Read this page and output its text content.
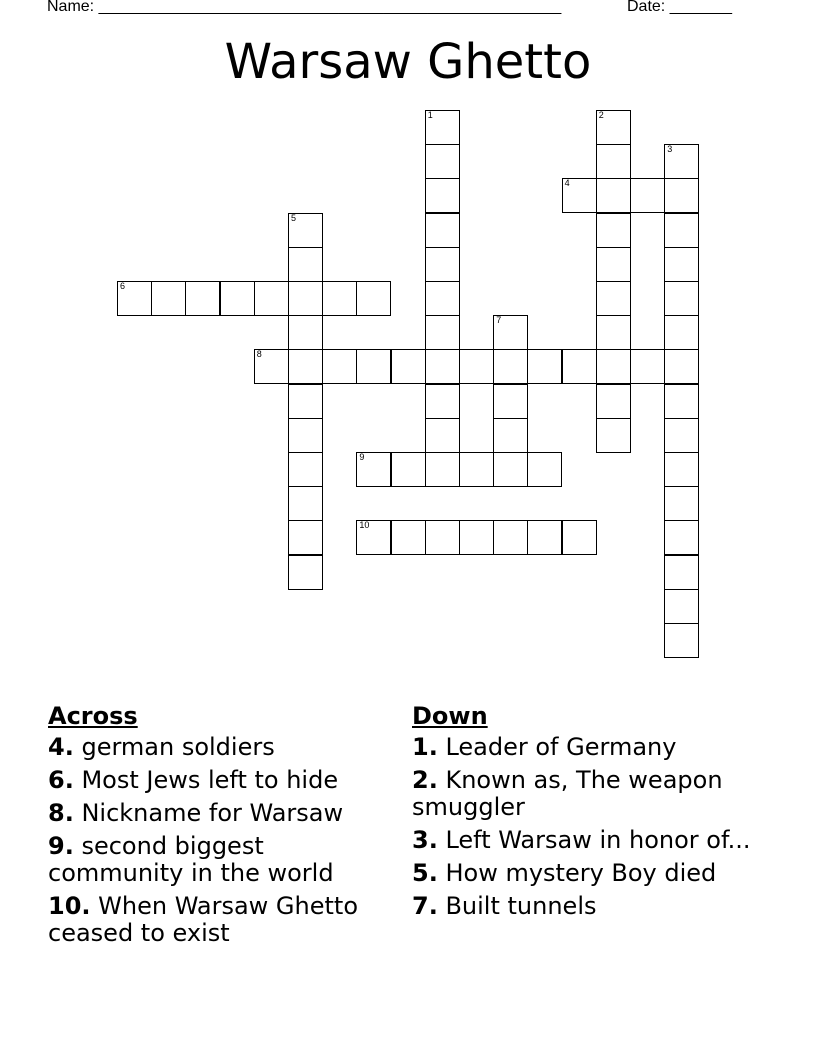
Name: ____________________________________________________	Date: _______
Warsaw Ghetto
1	2
3
4
5
6
7
8
9
10
Across
4. german soldiers
6. Most Jews left to hide
8. Nickname for Warsaw
9. second biggest community in the world
10. When Warsaw Ghetto ceased to exist
Down
1. Leader of Germany
2. Known as, The weapon smuggler
3. Left Warsaw in honor of...
5. How mystery Boy died
7. Built tunnels
